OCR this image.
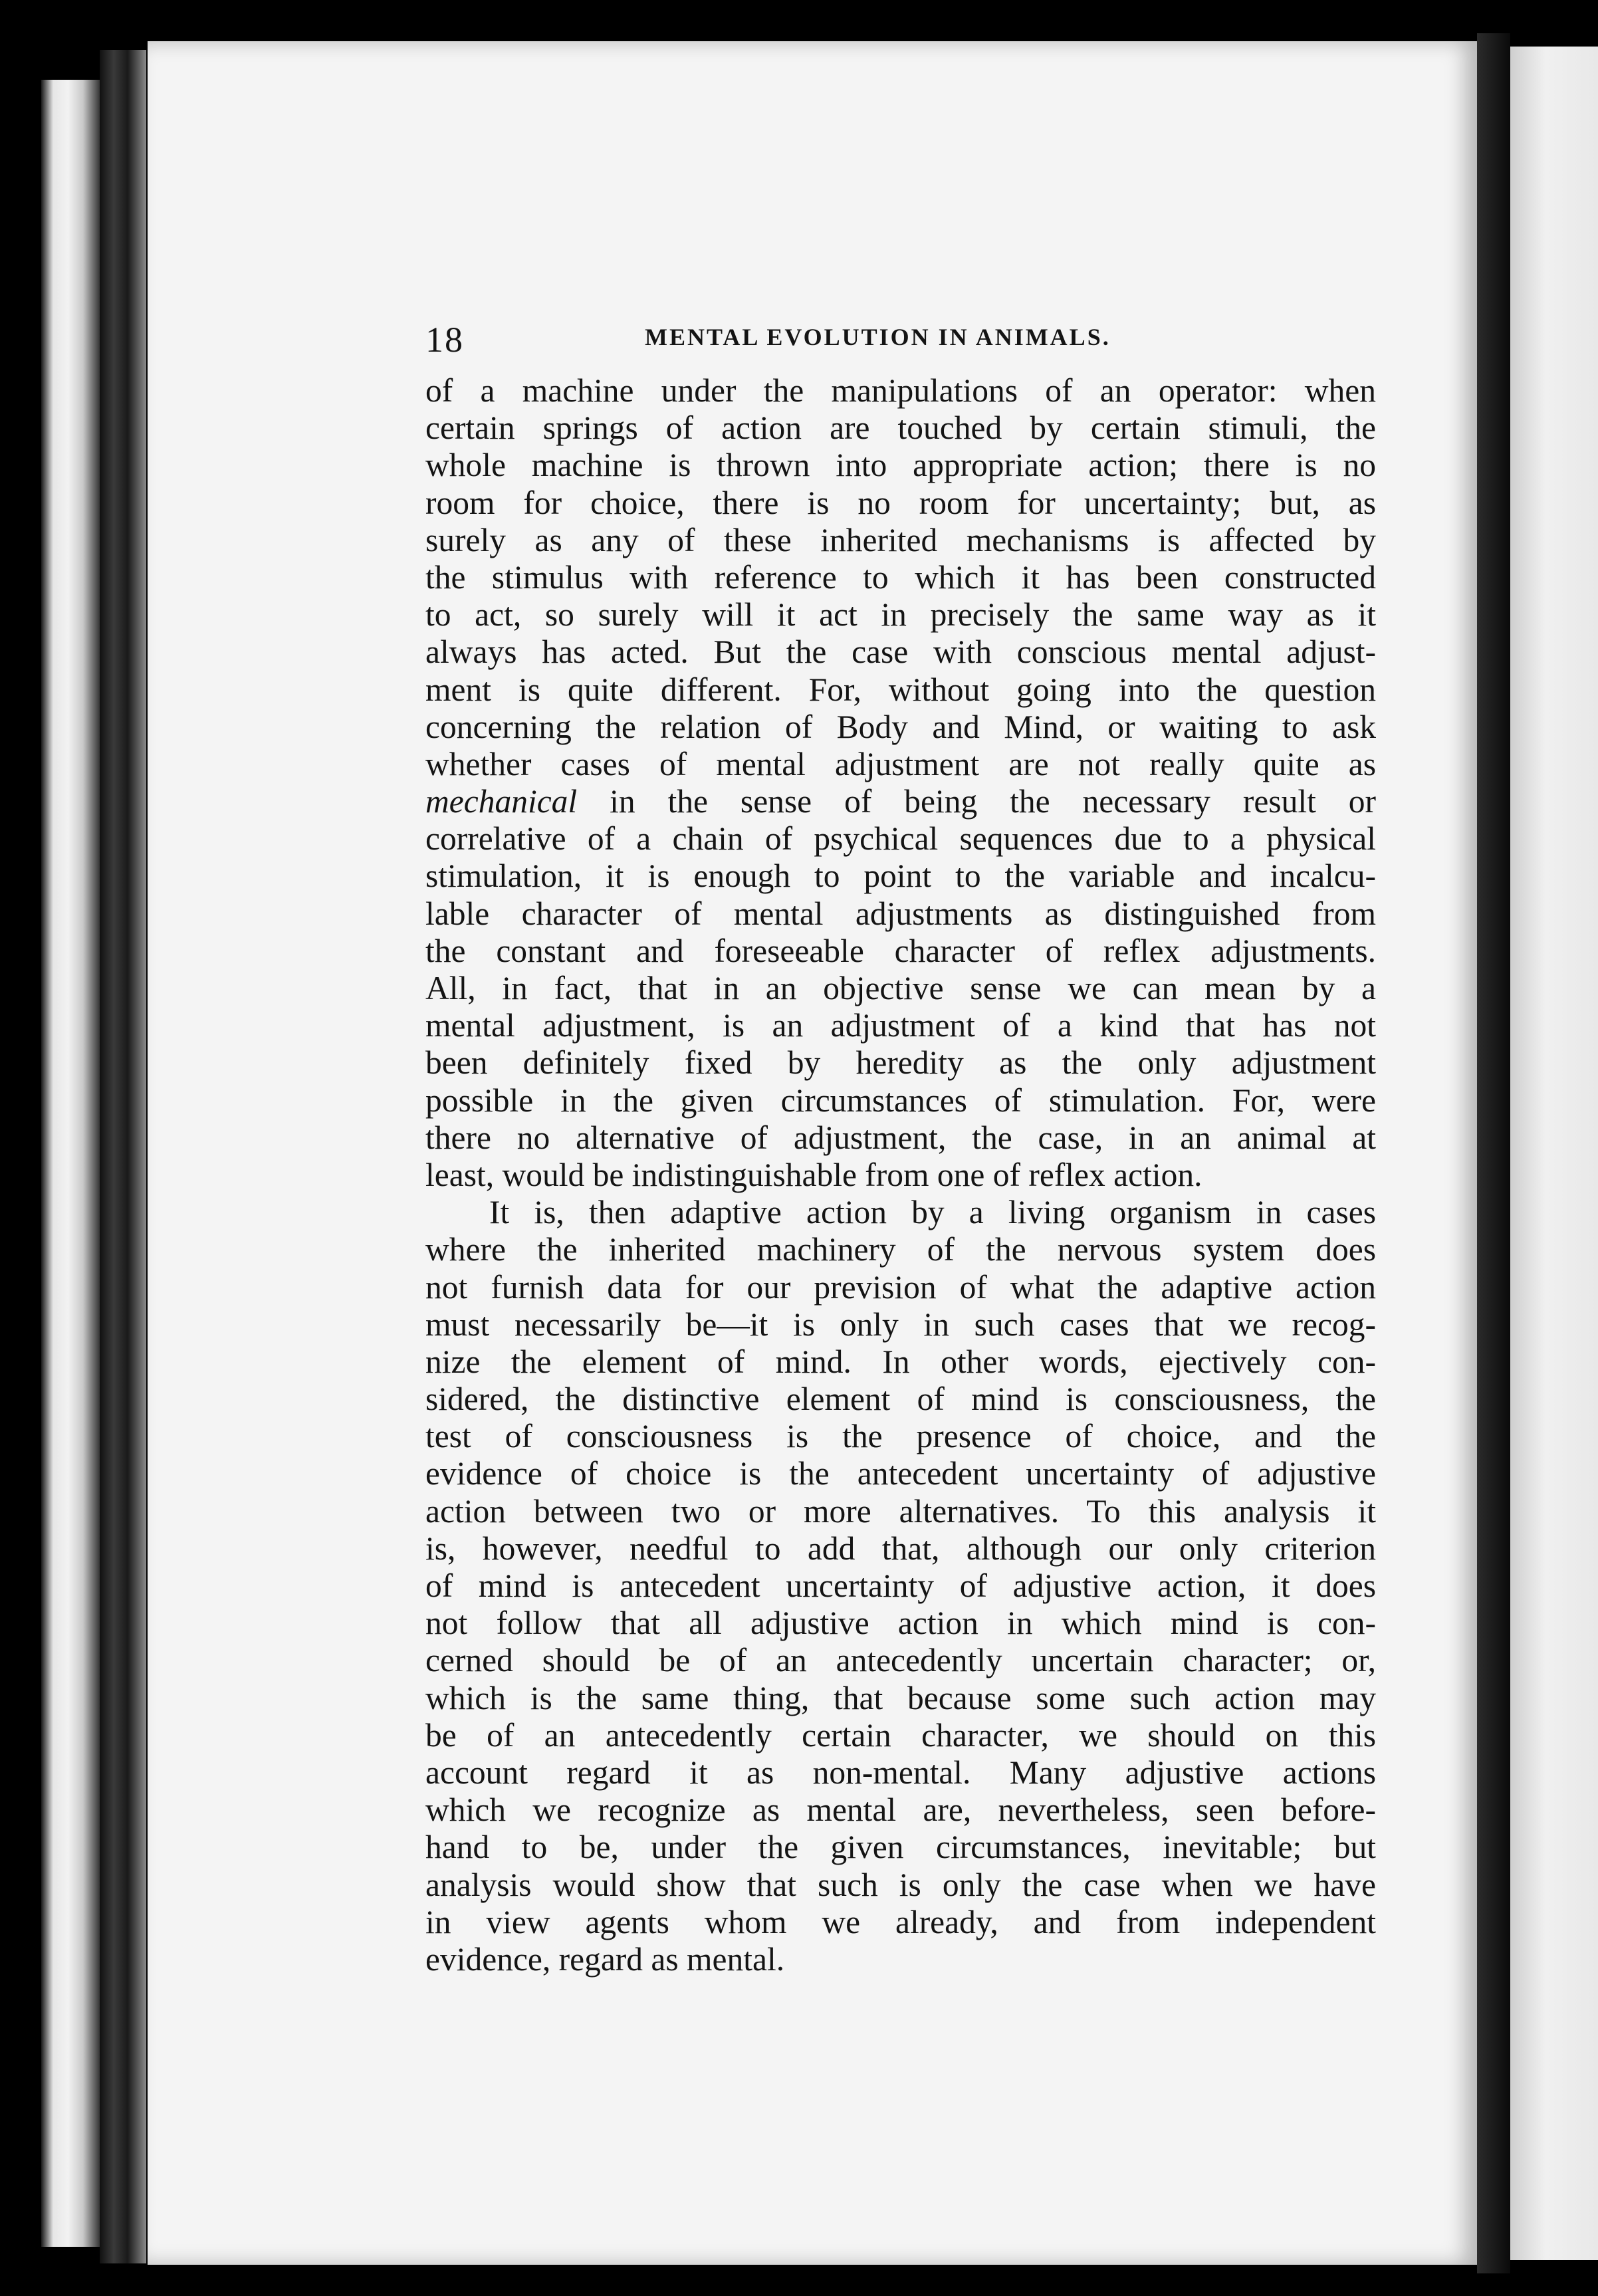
18	MENTAL EVOLUTION IN ANIMALS.
of a machine under the manipulations of an operator: when
certain springs of action are touched by certain stimuli, the
whole machine is thrown into appropriate action; there is no
room for choice, there is no room for uncertainty; but, as
surely as any of these inherited mechanisms is affected by
the stimulus with reference to which it has been constructed
to act, so surely will it act in precisely the same way as it
always has acted. But the case with conscious mental adjust-
ment is quite different. For, without going into the question
concerning the relation of Body and Mind, or waiting to ask
whether cases of mental adjustment are not really quite as
mechanical in the sense of being the necessary result or
correlative of a chain of psychical sequences due to a physical
stimulation, it is enough to point to the variable and incalcu-
lable character of mental adjustments as distinguished from
the constant and foreseeable character of reflex adjustments.
All, in fact, that in an objective sense we can mean by a
mental adjustment, is an adjustment of a kind that has not
been definitely fixed by heredity as the only adjustment
possible in the given circumstances of stimulation. For, were
there no alternative of adjustment, the case, in an animal at
least, would be indistinguishable from one of reflex action.
It is, then adaptive action by a living organism in cases
where the inherited machinery of the nervous system does
not furnish data for our prevision of what the adaptive action
must necessarily be—it is only in such cases that we recog-
nize the element of mind. In other words, ejectively con-
sidered, the distinctive element of mind is consciousness, the
test of consciousness is the presence of choice, and the
evidence of choice is the antecedent uncertainty of adjustive
action between two or more alternatives. To this analysis it
is, however, needful to add that, although our only criterion
of mind is antecedent uncertainty of adjustive action, it does
not follow that all adjustive action in which mind is con-
cerned should be of an antecedently uncertain character; or,
which is the same thing, that because some such action may
be of an antecedently certain character, we should on this
account regard it as non-mental. Many adjustive actions
which we recognize as mental are, nevertheless, seen before-
hand to be, under the given circumstances, inevitable; but
analysis would show that such is only the case when we have
in view agents whom we already, and from independent
evidence, regard as mental.
